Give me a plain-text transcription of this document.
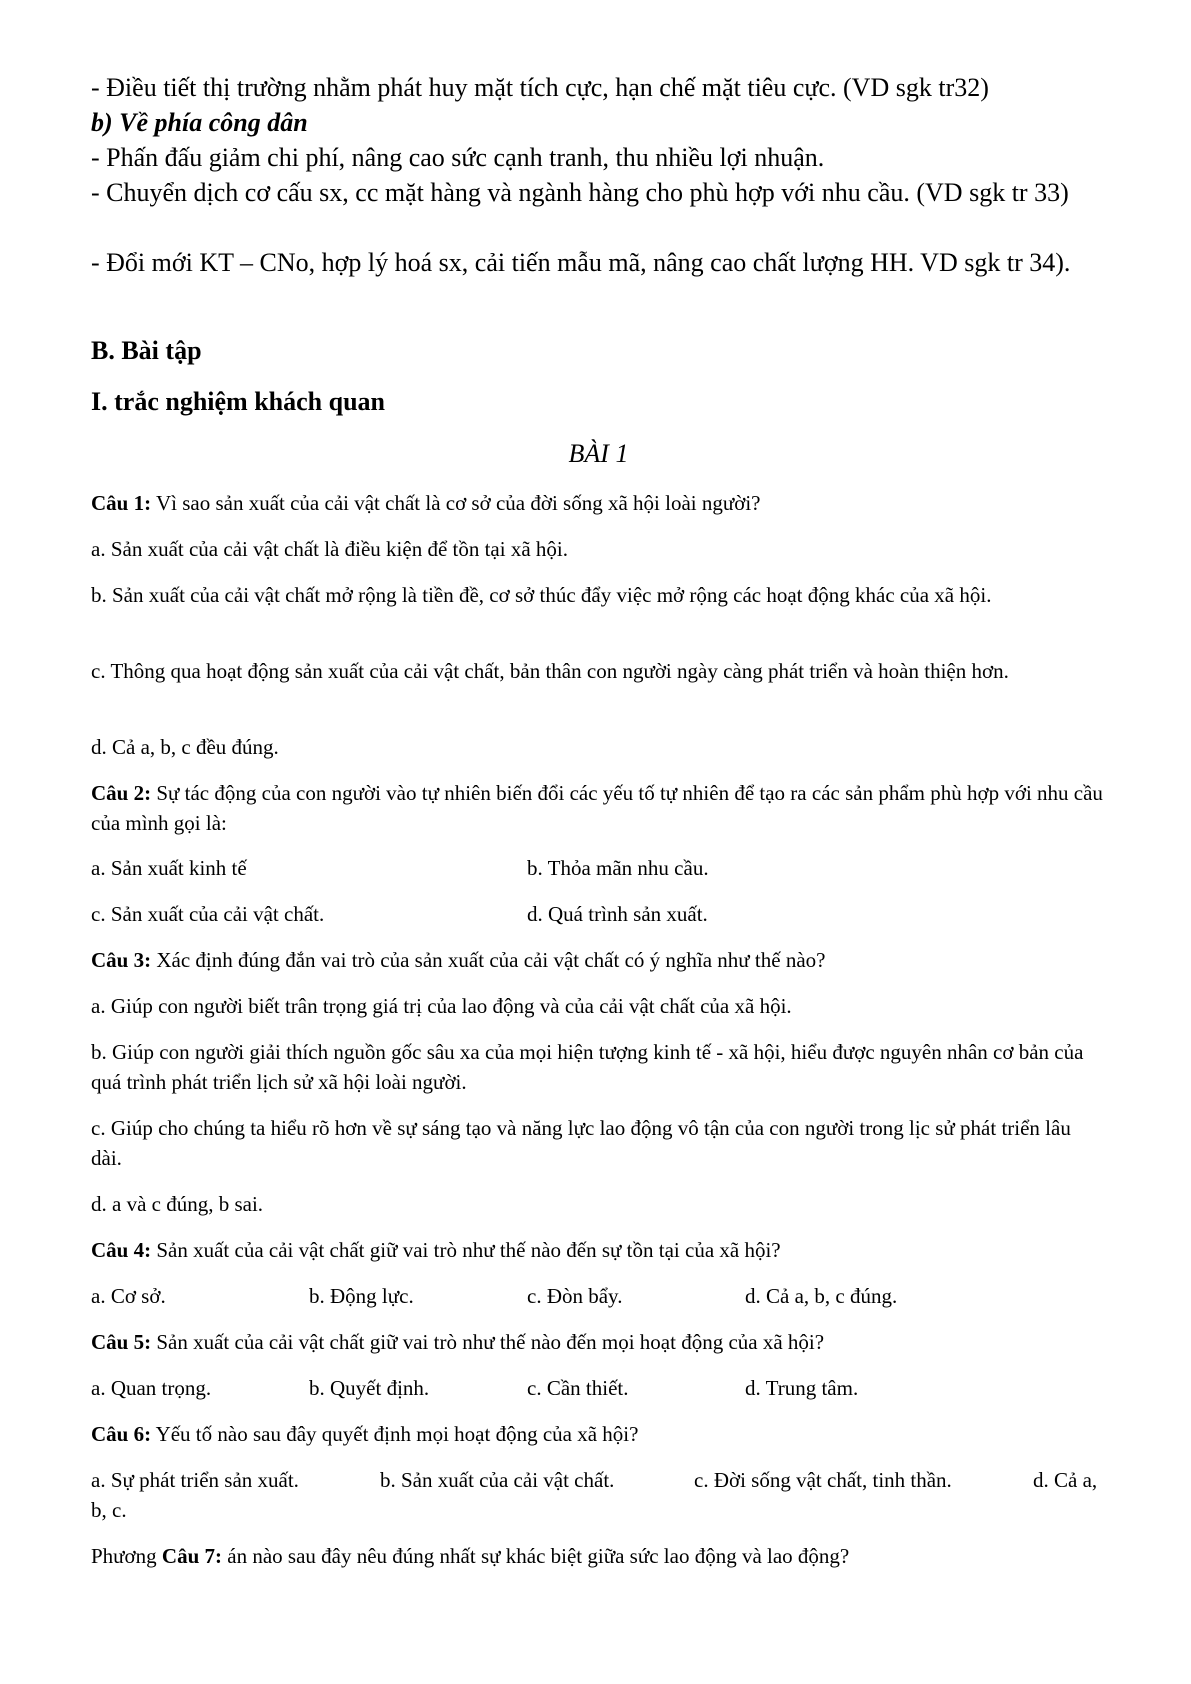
- Điều tiết thị trường nhằm phát huy mặt tích cực, hạn chế mặt tiêu cực. (VD sgk tr32)
b) Về phía công dân
- Phấn đấu giảm chi phí, nâng cao sức cạnh tranh, thu nhiều lợi nhuận.
- Chuyển dịch cơ cấu sx, cc mặt hàng và ngành hàng cho phù hợp với nhu cầu. (VD sgk tr 33)
- Đổi mới KT – CNo, hợp lý hoá sx, cải tiến mẫu mã, nâng cao chất lượng HH. VD sgk tr 34).
B. Bài tập
I. trắc nghiệm khách quan
BÀI 1
Câu 1: Vì sao sản xuất của cải vật chất là cơ sở của đời sống xã hội loài người?
a. Sản xuất của cải vật chất là điều kiện để tồn tại xã hội.
b. Sản xuất của cải vật chất mở rộng là tiền đề, cơ sở thúc đẩy việc mở rộng các hoạt động khác của xã hội.
c. Thông qua hoạt động sản xuất của cải vật chất, bản thân con người ngày càng phát triển và hoàn thiện hơn.
d. Cả a, b, c đều đúng.
Câu 2: Sự tác động của con người vào tự nhiên biến đổi các yếu tố tự nhiên để tạo ra các sản phẩm phù hợp với nhu cầu của mình gọi là:
a. Sản xuất kinh tế	b. Thỏa mãn nhu cầu.
c. Sản xuất của cải vật chất.	d. Quá trình sản xuất.
Câu 3: Xác định đúng đắn vai trò của sản xuất của cải vật chất có ý nghĩa như thế nào?
a. Giúp con người biết trân trọng giá trị của lao động và của cải vật chất của xã hội.
b. Giúp con người giải thích nguồn gốc sâu xa của mọi hiện tượng kinh tế - xã hội, hiểu được nguyên nhân cơ bản của quá trình phát triển lịch sử xã hội loài người.
c. Giúp cho chúng ta hiểu rõ hơn về sự sáng tạo và năng lực lao động vô tận của con người trong lịc sử phát triển lâu dài.
d. a và c đúng, b sai.
Câu 4: Sản xuất của cải vật chất giữ vai trò như thế nào đến sự tồn tại của xã hội?
a. Cơ sở.	b. Động lực.	c. Đòn bẩy.	d. Cả a, b, c đúng.
Câu 5: Sản xuất của cải vật chất giữ vai trò như thế nào đến mọi hoạt động của xã hội?
a. Quan trọng.	b. Quyết định.	c. Cần thiết.	d. Trung tâm.
Câu 6: Yếu tố nào sau đây quyết định mọi hoạt động của xã hội?
a. Sự phát triển sản xuất.	b. Sản xuất của cải vật chất.	c. Đời sống vật chất, tinh thần.	d. Cả a,
b, c.
Phương Câu 7: án nào sau đây nêu đúng nhất sự khác biệt giữa sức lao động và lao động?
